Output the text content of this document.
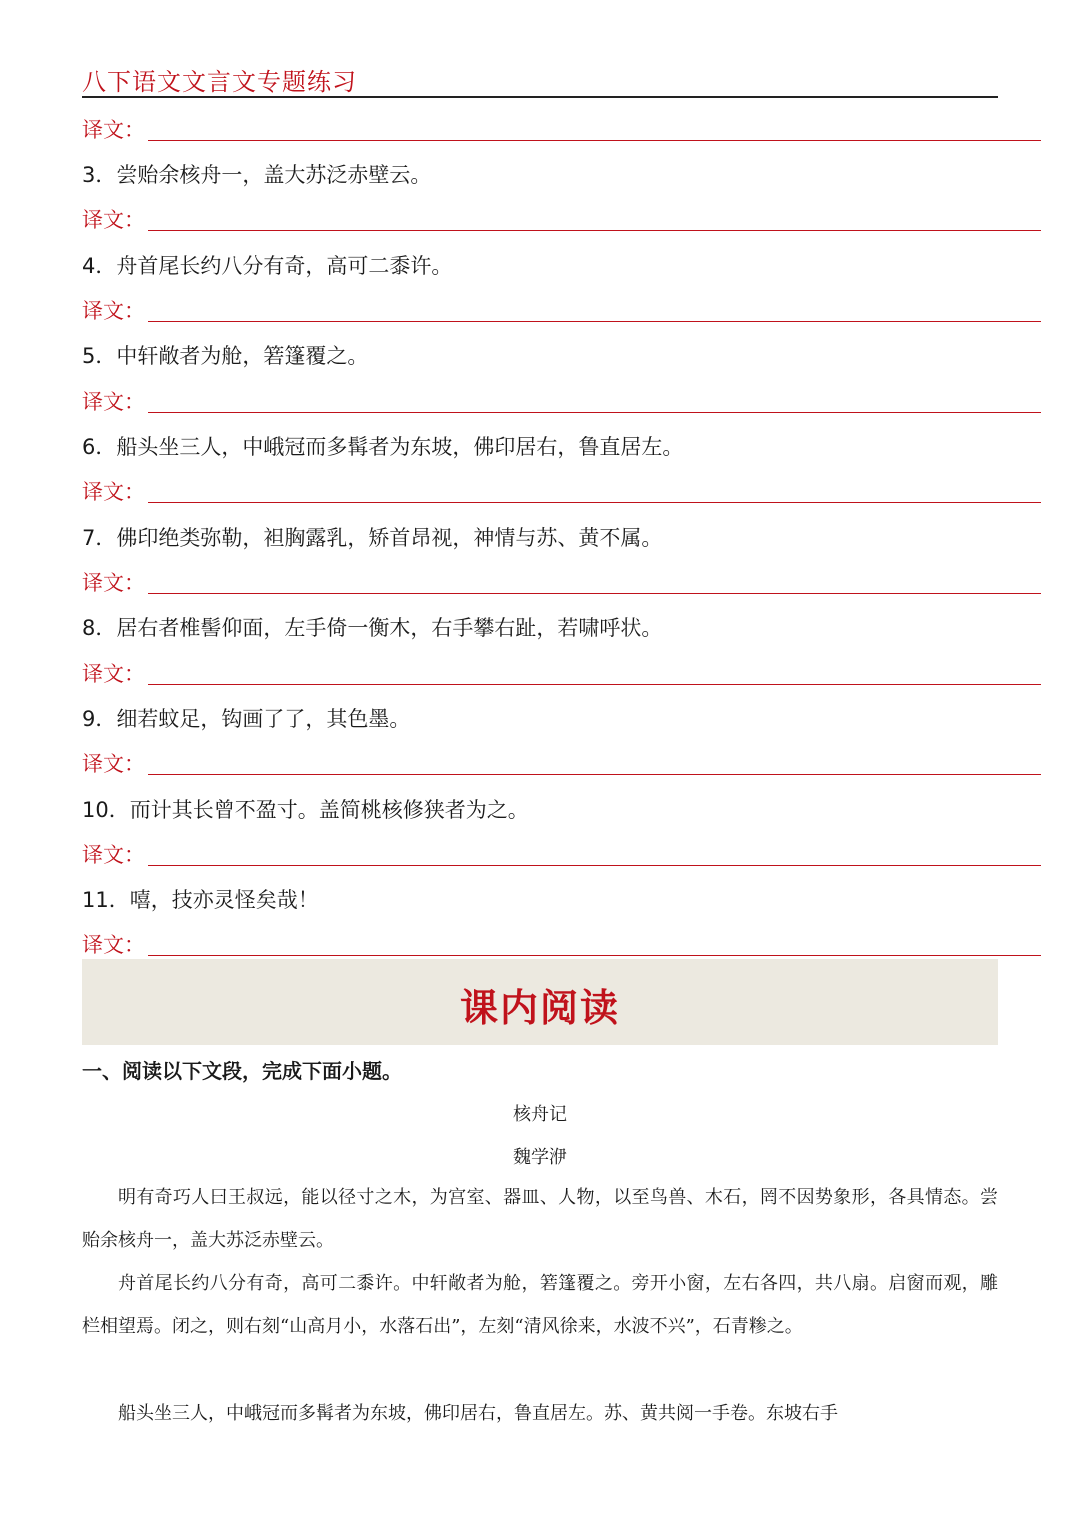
八下语文文言文专题练习
译文：
3．尝贻余核舟一，盖大苏泛赤壁云。
译文：
4．舟首尾长约八分有奇，高可二黍许。
译文：
5．中轩敞者为舱，箬篷覆之。
译文：
6．船头坐三人，中峨冠而多髯者为东坡，佛印居右，鲁直居左。
译文：
7．佛印绝类弥勒，袒胸露乳，矫首昂视，神情与苏、黄不属。
译文：
8．居右者椎髻仰面，左手倚一衡木，右手攀右趾，若啸呼状。
译文：
9．细若蚊足，钩画了了，其色墨。
译文：
10．而计其长曾不盈寸。盖简桃核修狭者为之。
译文：
11．嘻，技亦灵怪矣哉！
译文：
课内阅读
一、阅读以下文段，完成下面小题。
核舟记
魏学洢
明有奇巧人曰王叔远，能以径寸之木，为宫室、器皿、人物，以至鸟兽、木石，罔不因势象形，各具情态。尝贻余核舟一，盖大苏泛赤壁云。
舟首尾长约八分有奇，高可二黍许。中轩敞者为舱，箬篷覆之。旁开小窗，左右各四，共八扇。启窗而观，雕栏相望焉。闭之，则右刻“山高月小，水落石出”，左刻“清风徐来，水波不兴”，石青糁之。
船头坐三人，中峨冠而多髯者为东坡，佛印居右，鲁直居左。苏、黄共阅一手卷。东坡右手
